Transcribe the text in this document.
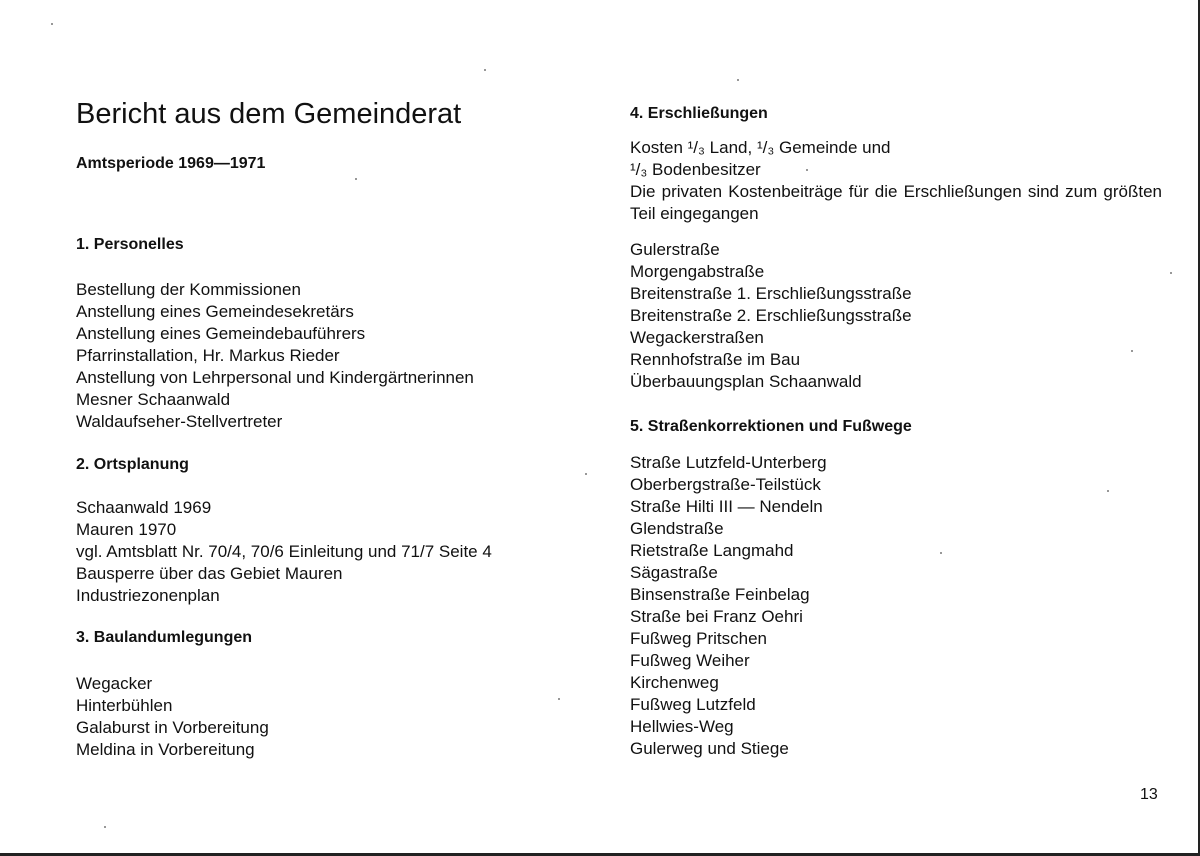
Bericht aus dem Gemeinderat
Amtsperiode 1969—1971
1. Personelles
Bestellung der Kommissionen
Anstellung eines Gemeindesekretärs
Anstellung eines Gemeindebauführers
Pfarrinstallation, Hr. Markus Rieder
Anstellung von Lehrpersonal und Kindergärtnerinnen
Mesner Schaanwald
Waldaufseher-Stellvertreter
2. Ortsplanung
Schaanwald 1969
Mauren 1970
vgl. Amtsblatt Nr. 70/4, 70/6 Einleitung und 71/7 Seite 4
Bausperre über das Gebiet Mauren
Industriezonenplan
3. Baulandumlegungen
Wegacker
Hinterbühlen
Galaburst in Vorbereitung
Meldina in Vorbereitung
4. Erschließungen
Kosten ¹/₃ Land, ¹/₃ Gemeinde und
¹/₃ Bodenbesitzer

Die privaten Kostenbeiträge für die Erschließungen sind zum größten Teil eingegangen

Gulerstraße
Morgengabstraße
Breitenstraße 1. Erschließungsstraße
Breitenstraße 2. Erschließungsstraße
Wegackerstraßen
Rennhofstraße im Bau
Überbauungsplan Schaanwald
5. Straßenkorrektionen und Fußwege
Straße Lutzfeld-Unterberg
Oberbergstraße-Teilstück
Straße Hilti III — Nendeln
Glendstraße
Rietstraße Langmahd
Sägastraße
Binsenstraße Feinbelag
Straße bei Franz Oehri
Fußweg Pritschen
Fußweg Weiher
Kirchenweg
Fußweg Lutzfeld
Hellwies-Weg
Gulerweg und Stiege
13
